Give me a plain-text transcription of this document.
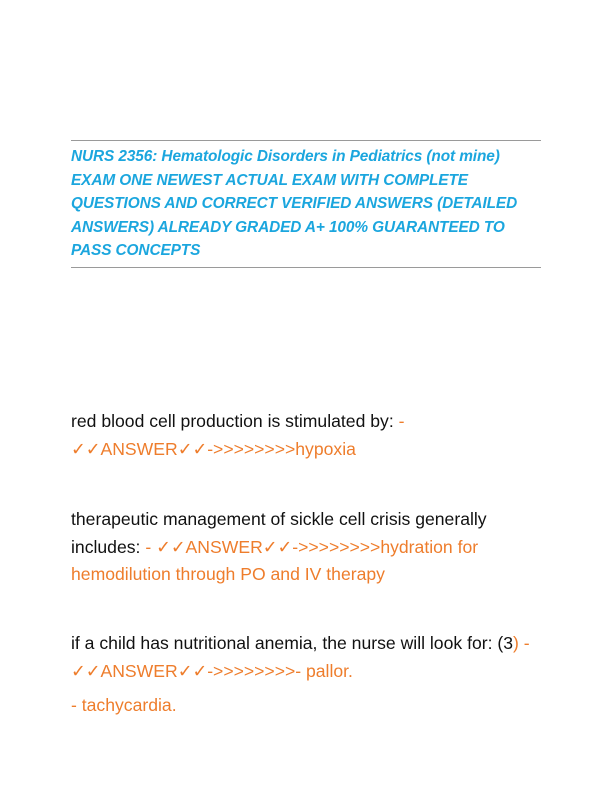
NURS 2356: Hematologic Disorders in Pediatrics (not mine) EXAM ONE NEWEST ACTUAL EXAM WITH COMPLETE QUESTIONS AND CORRECT VERIFIED ANSWERS (DETAILED ANSWERS) ALREADY GRADED A+ 100% GUARANTEED TO PASS CONCEPTS

red blood cell production is stimulated by: - ✓✓ANSWER✓✓->>>>>>>>hypoxia

therapeutic management of sickle cell crisis generally includes: - ✓✓ANSWER✓✓->>>>>>>>hydration for hemodilution through PO and IV therapy

if a child has nutritional anemia, the nurse will look for: (3) - ✓✓ANSWER✓✓->>>>>>>>- pallor.

- tachycardia.
